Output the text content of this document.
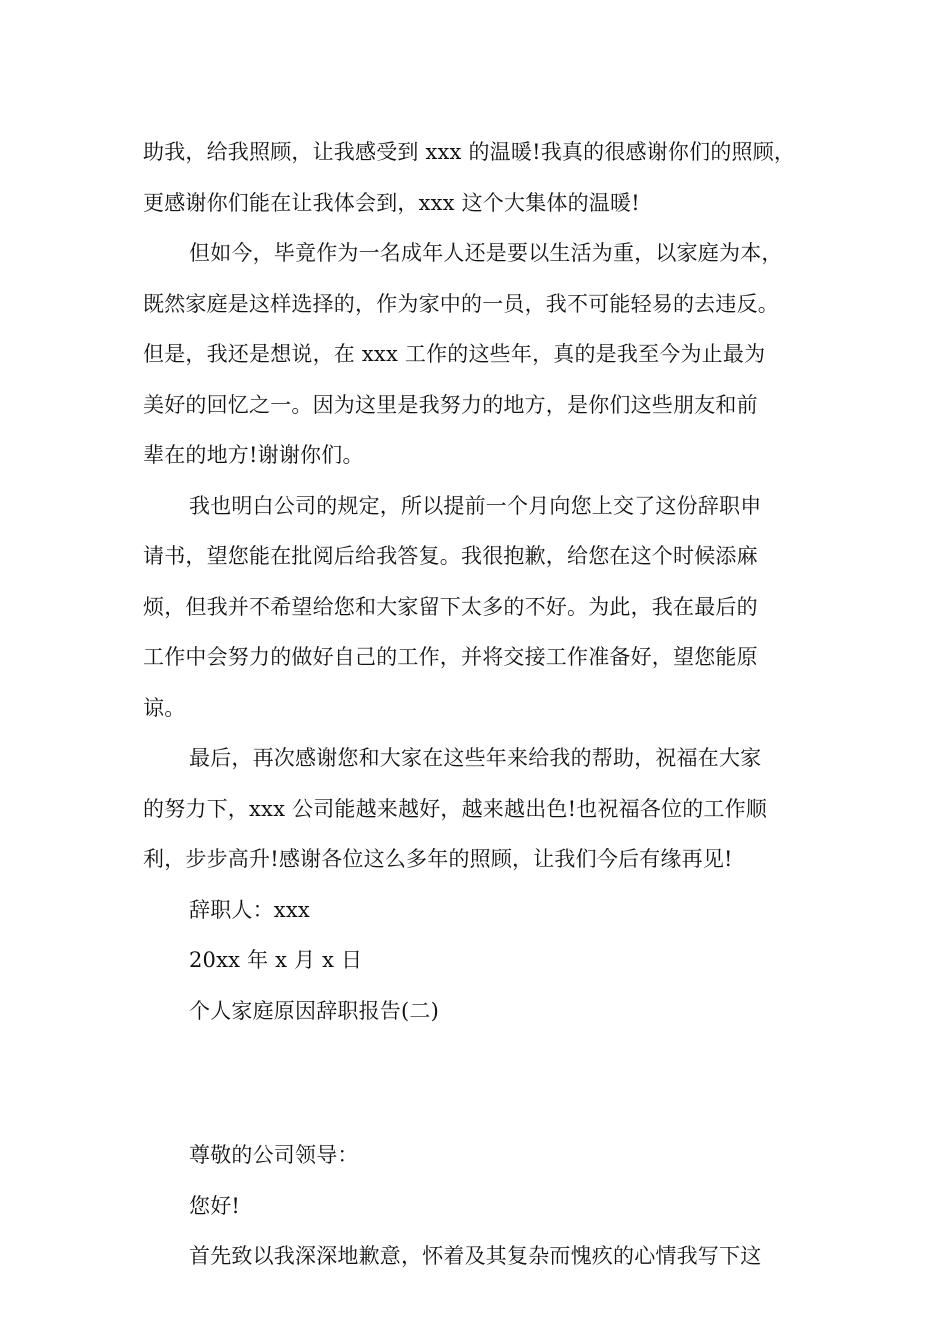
助我，给我照顾，让我感受到 xxx 的温暖!我真的很感谢你们的照顾，
更感谢你们能在让我体会到，xxx 这个大集体的温暖!
但如今，毕竟作为一名成年人还是要以生活为重，以家庭为本，
既然家庭是这样选择的，作为家中的一员，我不可能轻易的去违反。
但是，我还是想说，在 xxx 工作的这些年，真的是我至今为止最为
美好的回忆之一。因为这里是我努力的地方，是你们这些朋友和前
辈在的地方!谢谢你们。
我也明白公司的规定，所以提前一个月向您上交了这份辞职申
请书，望您能在批阅后给我答复。我很抱歉，给您在这个时候添麻
烦，但我并不希望给您和大家留下太多的不好。为此，我在最后的
工作中会努力的做好自己的工作，并将交接工作准备好，望您能原
谅。
最后，再次感谢您和大家在这些年来给我的帮助，祝福在大家
的努力下，xxx 公司能越来越好，越来越出色!也祝福各位的工作顺
利，步步高升!感谢各位这么多年的照顾，让我们今后有缘再见!
辞职人：xxx
20xx 年 x 月 x 日
个人家庭原因辞职报告(二)
尊敬的公司领导：
您好!
首先致以我深深地歉意，怀着及其复杂而愧疚的心情我写下这
